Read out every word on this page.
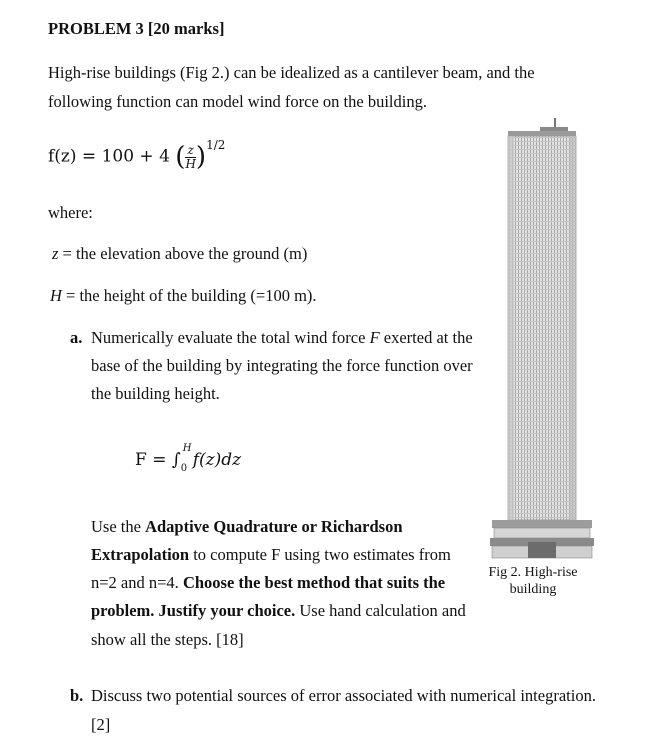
PROBLEM 3 [20 marks]
High-rise buildings (Fig 2.) can be idealized as a cantilever beam, and the
following function can model wind force on the building.
f(z) = 100 + 4 ( $\frac{z}{H} )^{1/2}$
where:
z = the elevation above the ground (m)
H = the height of the building (=100 m).
a. Numerically evaluate the total wind force F exerted at the
base of the building by integrating the force function over
the building height.
F = ∫
H
0 f(z)dz
Use the Adaptive Quadrature or Richardson
Extrapolation to compute F using two estimates from
n=2 and n=4. Choose the best method that suits the
problem. Justify your choice. Use hand calculation and
show all the steps. [18]
b. Discuss two potential sources of error associated with numerical integration.
[2]
Fig 2. High-rise building
